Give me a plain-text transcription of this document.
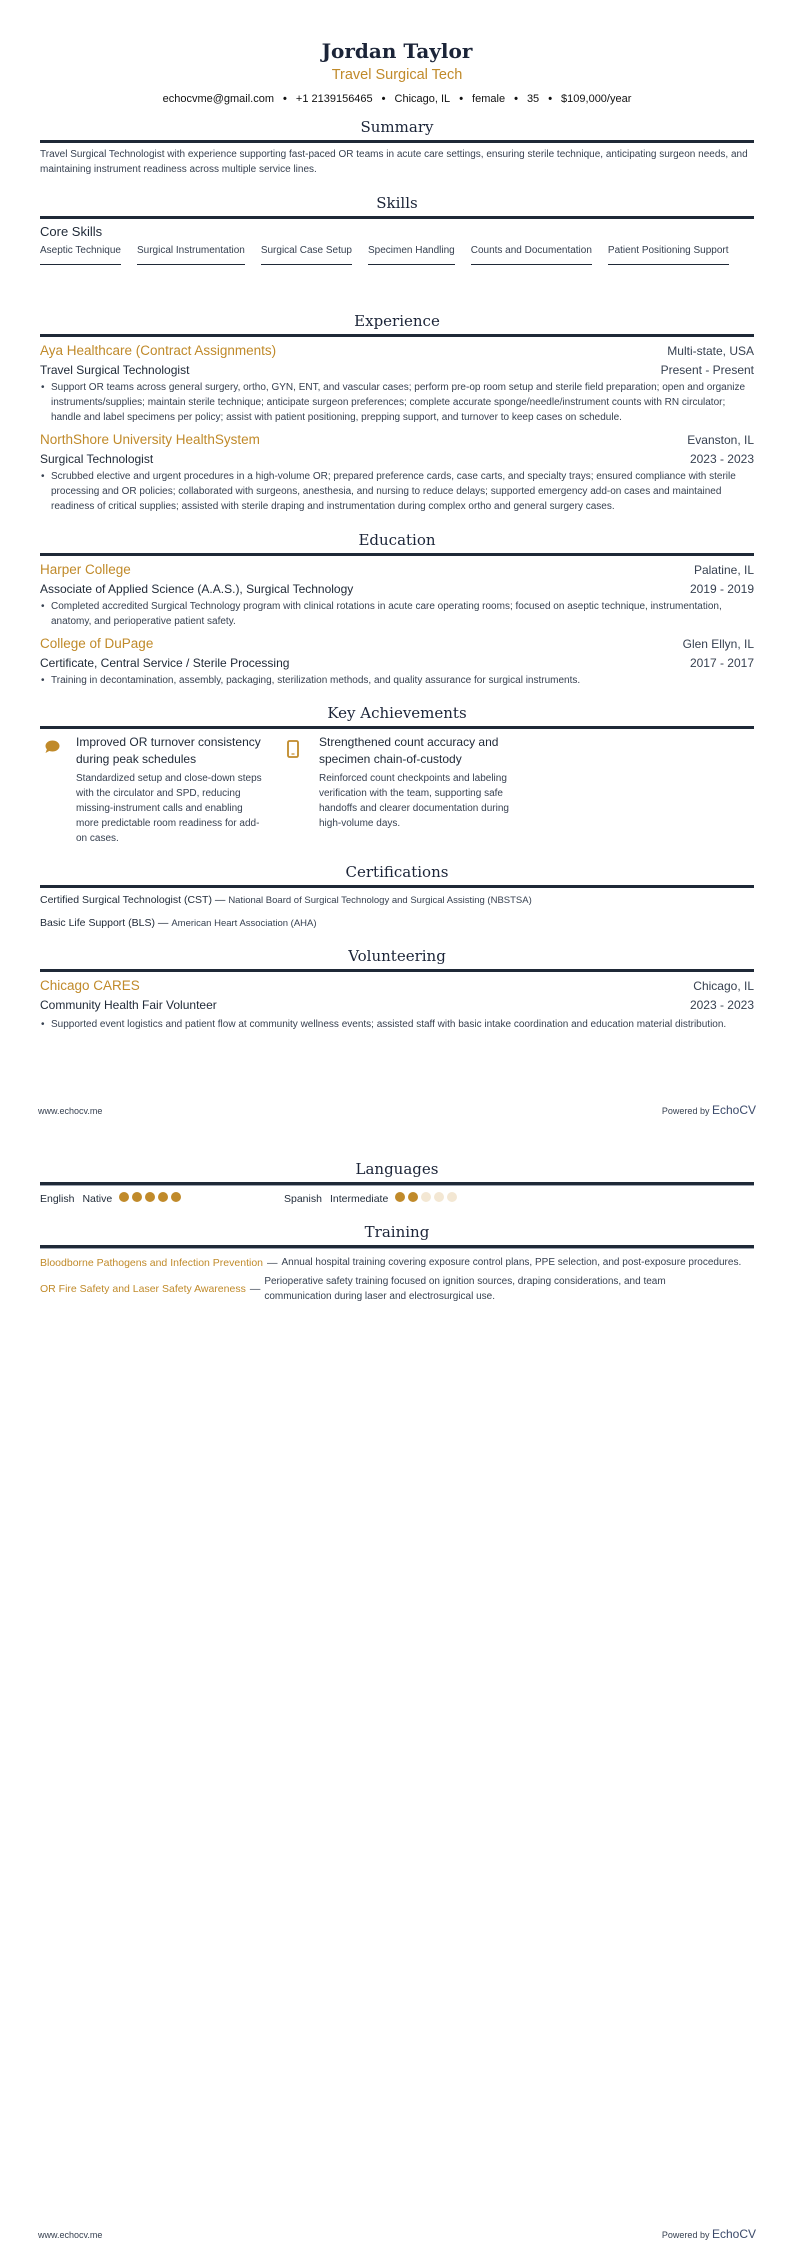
Jordan Taylor
Travel Surgical Tech
echocvme@gmail.com • +1 2139156465 • Chicago, IL • female • 35 • $109,000/year
Summary
Travel Surgical Technologist with experience supporting fast-paced OR teams in acute care settings, ensuring sterile technique, anticipating surgeon needs, and maintaining instrument readiness across multiple service lines.
Skills
Core Skills
Aseptic Technique Surgical Instrumentation Surgical Case Setup Specimen Handling Counts and Documentation Patient Positioning Support
Experience
Aya Healthcare (Contract Assignments)	Multi-state, USA
Travel Surgical Technologist	Present - Present
• Support OR teams across general surgery, ortho, GYN, ENT, and vascular cases; perform pre-op room setup and sterile field preparation; open and organize instruments/supplies; maintain sterile technique; anticipate surgeon preferences; complete accurate sponge/needle/instrument counts with RN circulator; handle and label specimens per policy; assist with patient positioning, prepping support, and turnover to keep cases on schedule.
NorthShore University HealthSystem	Evanston, IL
Surgical Technologist	2023 - 2023
• Scrubbed elective and urgent procedures in a high-volume OR; prepared preference cards, case carts, and specialty trays; ensured compliance with sterile processing and OR policies; collaborated with surgeons, anesthesia, and nursing to reduce delays; supported emergency add-on cases and maintained readiness of critical supplies; assisted with sterile draping and instrumentation during complex ortho and general surgery cases.
Education
Harper College	Palatine, IL
Associate of Applied Science (A.A.S.), Surgical Technology	2019 - 2019
• Completed accredited Surgical Technology program with clinical rotations in acute care operating rooms; focused on aseptic technique, instrumentation, anatomy, and perioperative patient safety.
College of DuPage	Glen Ellyn, IL
Certificate, Central Service / Sterile Processing	2017 - 2017
• Training in decontamination, assembly, packaging, sterilization methods, and quality assurance for surgical instruments.
Key Achievements
Improved OR turnover consistency during peak schedules
Standardized setup and close-down steps with the circulator and SPD, reducing missing-instrument calls and enabling more predictable room readiness for add-on cases.
Strengthened count accuracy and specimen chain-of-custody
Reinforced count checkpoints and labeling verification with the team, supporting safe handoffs and clearer documentation during high-volume days.
Certifications
Certified Surgical Technologist (CST) — National Board of Surgical Technology and Surgical Assisting (NBSTSA)
Basic Life Support (BLS) — American Heart Association (AHA)
Volunteering
Chicago CARES	Chicago, IL
Community Health Fair Volunteer	2023 - 2023
• Supported event logistics and patient flow at community wellness events; assisted staff with basic intake coordination and education material distribution.
www.echocv.me	Powered by EchoCV
Languages
English Native	Spanish Intermediate
Training
Bloodborne Pathogens and Infection Prevention — Annual hospital training covering exposure control plans, PPE selection, and post-exposure procedures.
OR Fire Safety and Laser Safety Awareness —
Perioperative safety training focused on ignition sources, draping considerations, and team communication during laser and electrosurgical use.
www.echocv.me	Powered by EchoCV
